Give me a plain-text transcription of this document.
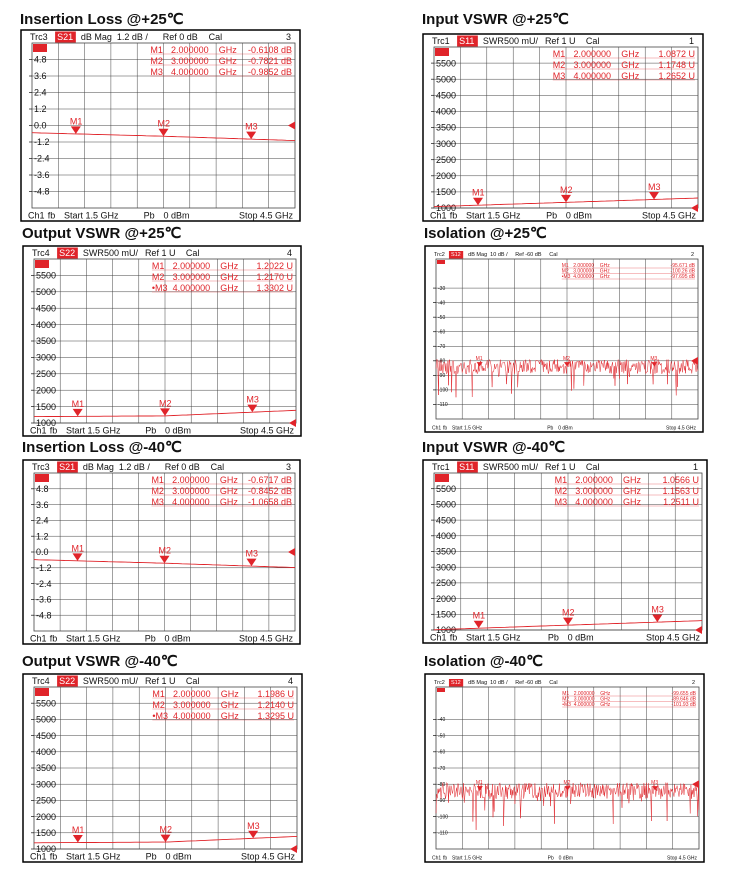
Insertion Loss @+25℃
Trc3 S21 dB Mag 1.2 dB / Ref 0 dB Cal	3
4.8
3.6
2.4
1.2
0.0
-1.2
-2.4
-3.6
-4.8
M1 2.000000 GHz -0.6108 dB
M2 3.000000 GHz -0.7821 dB
M3 4.000000 GHz -0.9852 dB
M1	M2	M3
Ch1 fb Start 1.5 GHz	Pb 0 dBm	Stop 4.5 GHz
Input VSWR @+25℃
Trc1 S11 SWR 500 mU/ Ref 1 U Cal	1
5500
5000
4500
4000
3500
3000
2500
2000
1500
1000
M1 2.000000 GHz 1.0872 U
M2 3.000000 GHz 1.1748 U
M3 4.000000 GHz 1.2652 U
M1	M2	M3
Ch1 fb Start 1.5 GHz	Pb 0 dBm	Stop 4.5 GHz
Output VSWR @+25℃
Trc4 S22 SWR 500 mU/ Ref 1 U Cal	4
5500
5000
4500
4000
3500
3000
2500
2000
1500
1000
M1 2.000000 GHz 1.2022 U
M2 3.000000 GHz 1.2170 U
•M3 4.000000 GHz 1.3302 U
M1	M2	M3
Ch1 fb Start 1.5 GHz	Pb 0 dBm	Stop 4.5 GHz
Isolation @+25℃
Trc2 S12 dB Mag 10 dB / Ref -60 dB Cal	2
-30
-40
-50
-60
-70
-80
-90
-100
-110
M1 2.000000 GHz	-95.671 dB
M2 3.000000 GHz	-100.26 dB
•M3 4.000000 GHz	-97.695 dB
M1	M2	M3
Ch1 fb Start 1.5 GHz	Pb 0 dBm	Stop 4.5 GHz
Insertion Loss @-40℃
Trc3 S21 dB Mag 1.2 dB / Ref 0 dB Cal	3
4.8
3.6
2.4
1.2
0.0
-1.2
-2.4
-3.6
-4.8
M1 2.000000 GHz -0.6717 dB
M2 3.000000 GHz -0.8452 dB
M3 4.000000 GHz -1.0658 dB
M1	M2	M3
Ch1 fb Start 1.5 GHz	Pb 0 dBm	Stop 4.5 GHz
Input VSWR @-40℃
Trc1 S11 SWR 500 mU/ Ref 1 U Cal	1
5500
5000
4500
4000
3500
3000
2500
2000
1500
1000
M1 2.000000 GHz 1.0566 U
M2 3.000000 GHz 1.1563 U
M3 4.000000 GHz 1.2511 U
M1	M2	M3
Ch1 fb Start 1.5 GHz	Pb 0 dBm	Stop 4.5 GHz
Output VSWR @-40℃
Trc4 S22 SWR 500 mU/ Ref 1 U Cal	4
5500
5000
4500
4000
3500
3000
2500
2000
1500
1000
M1 2.000000 GHz 1.1986 U
M2 3.000000 GHz 1.2140 U
•M3 4.000000 GHz 1.3295 U
M1	M2	M3
Ch1 fb Start 1.5 GHz	Pb 0 dBm	Stop 4.5 GHz
Isolation @-40℃
Trc2 S12 dB Mag 10 dB / Ref -60 dB Cal	2
-40
-50
-60
-70
-80
-90
-100
-110
M1 2.000000 GHz	-99.655 dB
M2 3.000000 GHz	-89.646 dB
•M3 4.000000 GHz	-101.93 dB
M1	M2	M3
Ch1 fb Start 1.5 GHz	Pb 0 dBm	Stop 4.5 GHz
